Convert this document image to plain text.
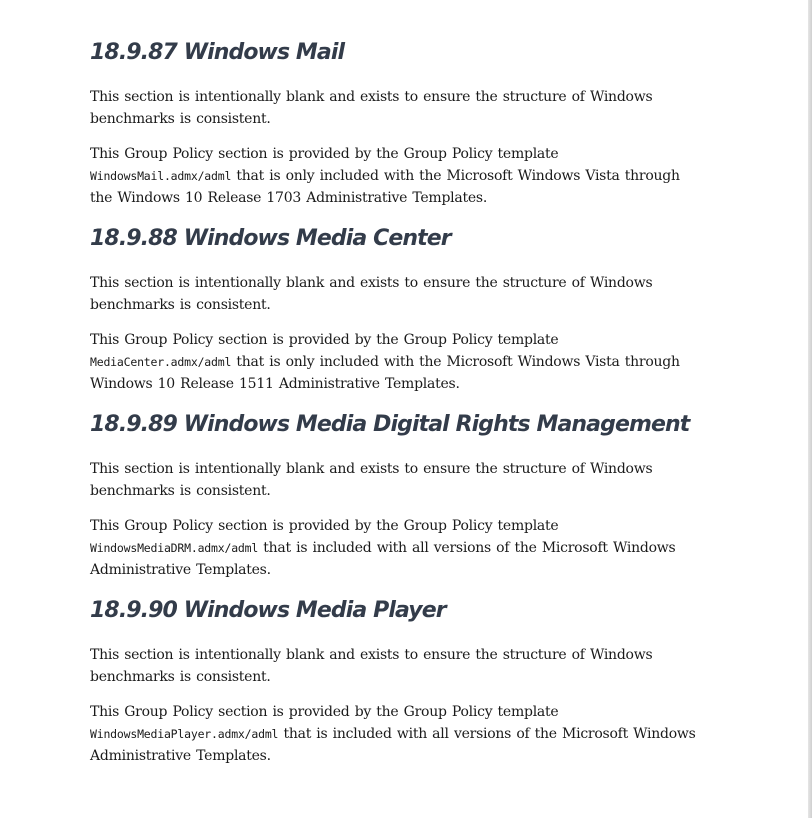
18.9.87 Windows Mail

This section is intentionally blank and exists to ensure the structure of Windows benchmarks is consistent.

This Group Policy section is provided by the Group Policy template
WindowsMail.admx/adml that is only included with the Microsoft Windows Vista through the Windows 10 Release 1703 Administrative Templates.

18.9.88 Windows Media Center

This section is intentionally blank and exists to ensure the structure of Windows benchmarks is consistent.

This Group Policy section is provided by the Group Policy template
MediaCenter.admx/adml that is only included with the Microsoft Windows Vista through Windows 10 Release 1511 Administrative Templates.

18.9.89 Windows Media Digital Rights Management

This section is intentionally blank and exists to ensure the structure of Windows benchmarks is consistent.

This Group Policy section is provided by the Group Policy template
WindowsMediaDRM.admx/adml that is included with all versions of the Microsoft Windows Administrative Templates.

18.9.90 Windows Media Player

This section is intentionally blank and exists to ensure the structure of Windows benchmarks is consistent.

This Group Policy section is provided by the Group Policy template
WindowsMediaPlayer.admx/adml that is included with all versions of the Microsoft Windows Administrative Templates.
